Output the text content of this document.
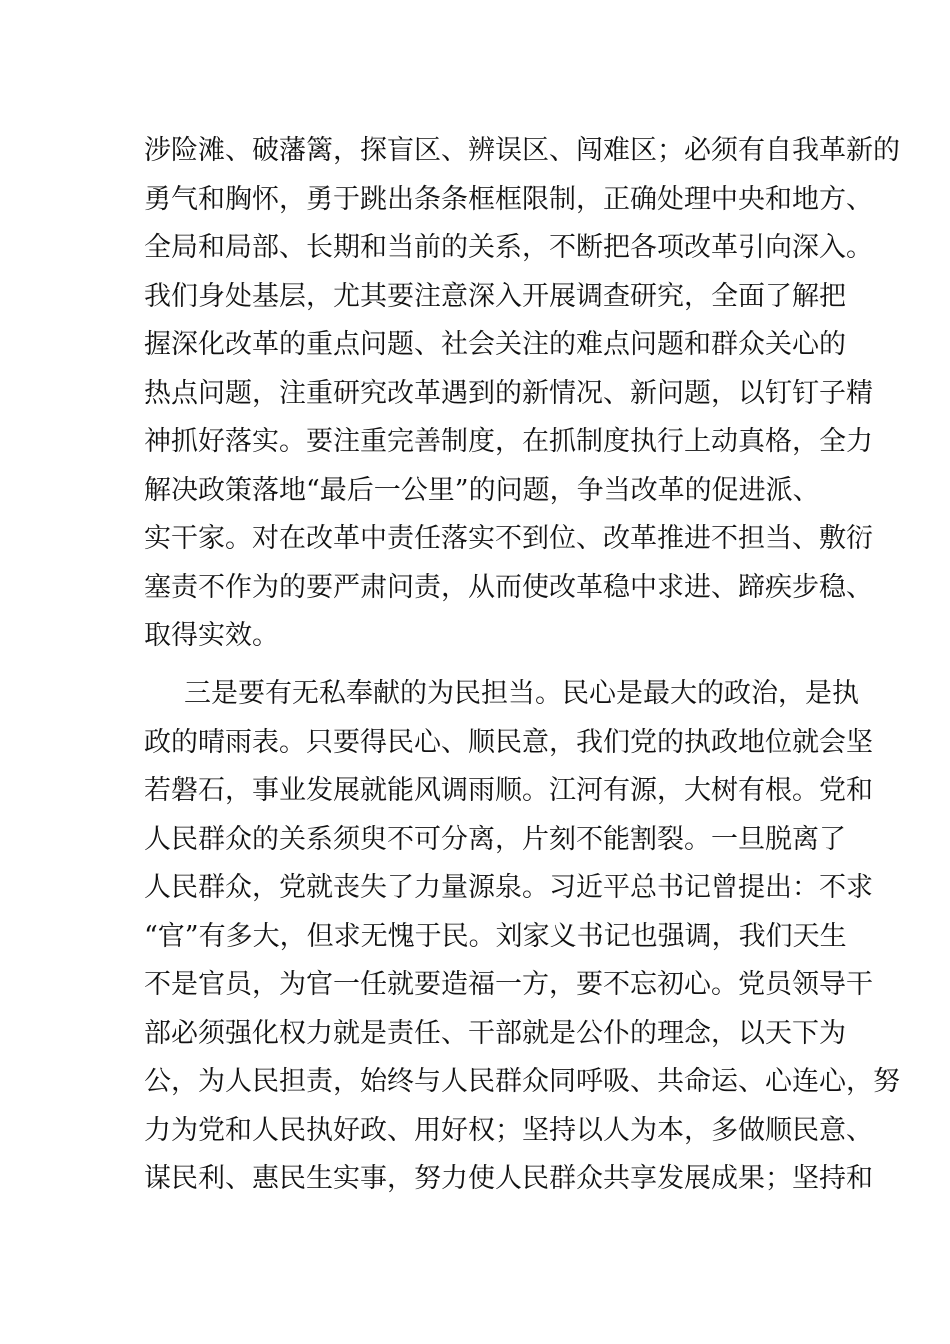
涉险滩、破藩篱，探盲区、辨误区、闯难区；必须有自我革新的
勇气和胸怀，勇于跳出条条框框限制，正确处理中央和地方、
全局和局部、长期和当前的关系，不断把各项改革引向深入。
我们身处基层，尤其要注意深入开展调查研究，全面了解把
握深化改革的重点问题、社会关注的难点问题和群众关心的
热点问题，注重研究改革遇到的新情况、新问题，以钉钉子精
神抓好落实。要注重完善制度，在抓制度执行上动真格，全力
解决政策落地“最后一公里”的问题，争当改革的促进派、
实干家。对在改革中责任落实不到位、改革推进不担当、敷衍
塞责不作为的要严肃问责，从而使改革稳中求进、蹄疾步稳、
取得实效。
三是要有无私奉献的为民担当。民心是最大的政治，是执
政的晴雨表。只要得民心、顺民意，我们党的执政地位就会坚
若磐石，事业发展就能风调雨顺。江河有源，大树有根。党和
人民群众的关系须臾不可分离，片刻不能割裂。一旦脱离了
人民群众，党就丧失了力量源泉。习近平总书记曾提出：不求
“官”有多大，但求无愧于民。刘家义书记也强调，我们天生
不是官员，为官一任就要造福一方，要不忘初心。党员领导干
部必须强化权力就是责任、干部就是公仆的理念，以天下为
公，为人民担责，始终与人民群众同呼吸、共命运、心连心，努
力为党和人民执好政、用好权；坚持以人为本，多做顺民意、
谋民利、惠民生实事，努力使人民群众共享发展成果；坚持和
